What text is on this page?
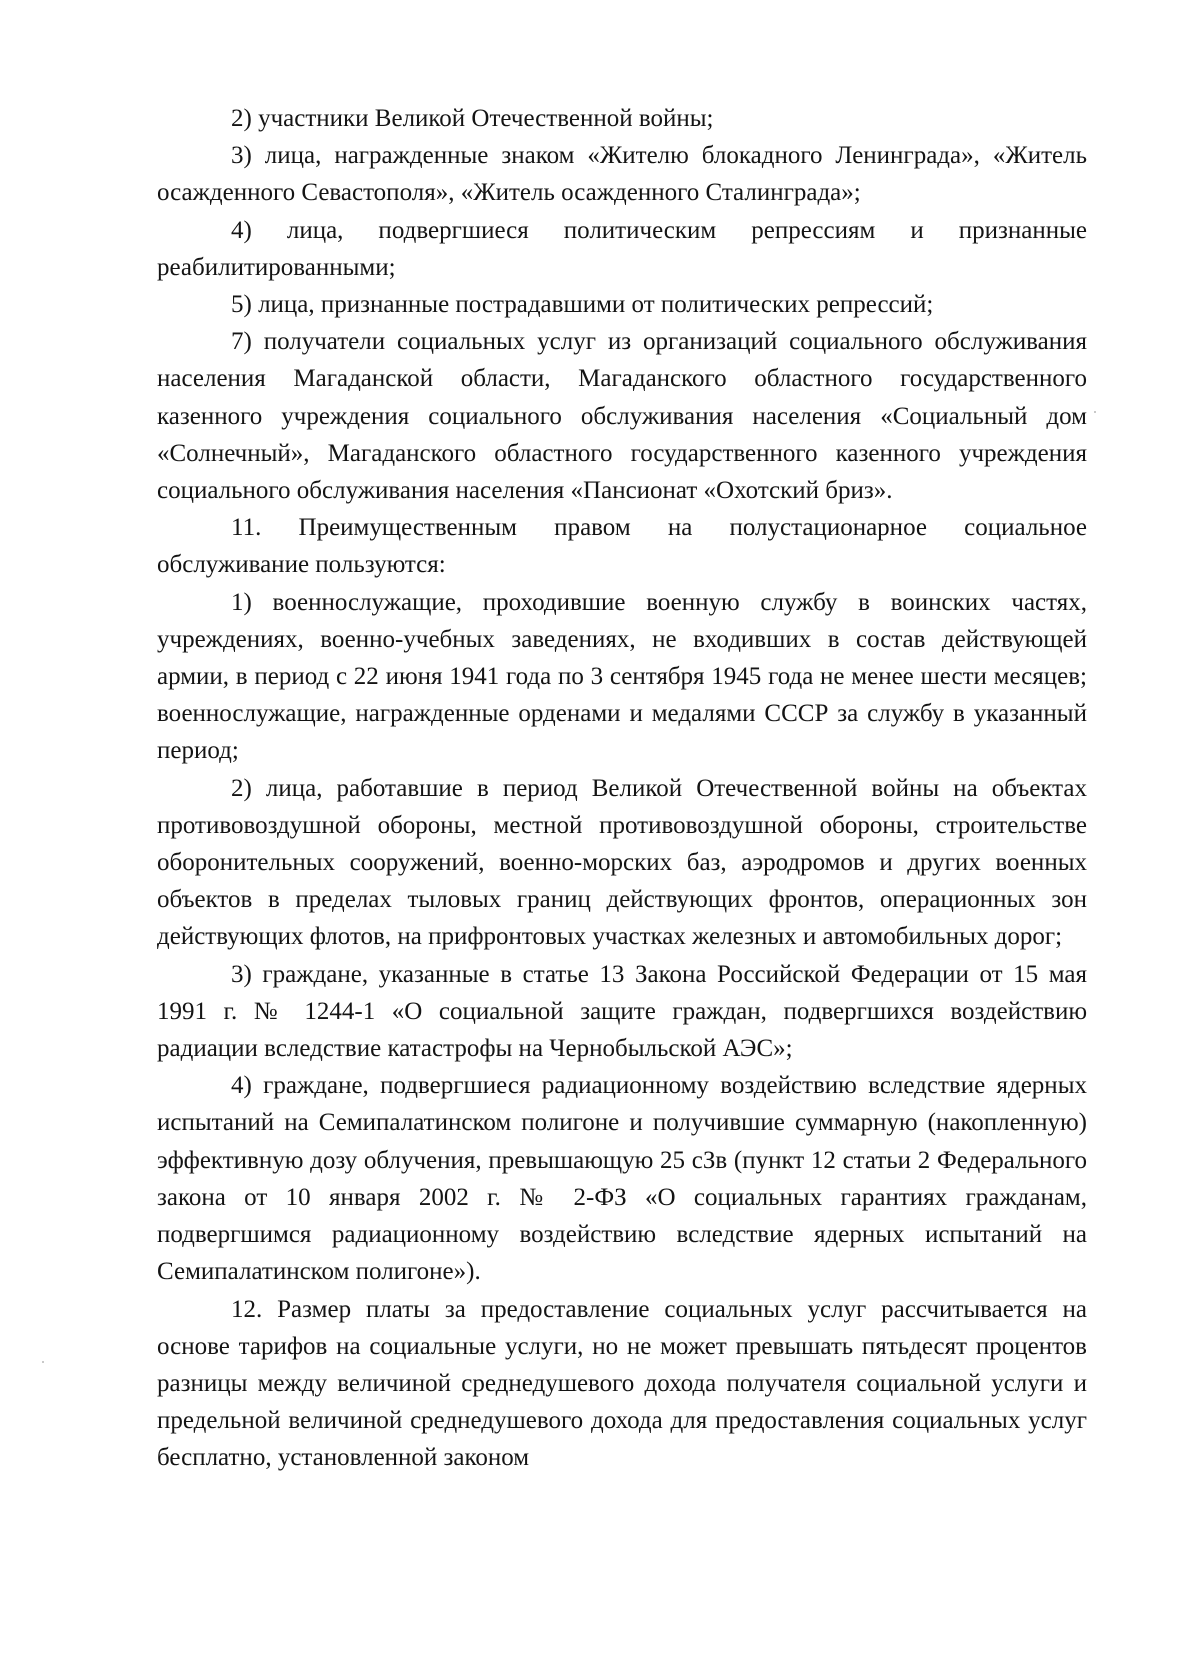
2) участники Великой Отечественной войны;

3) лица, награжденные знаком «Жителю блокадного Ленинграда», «Житель осажденного Севастополя», «Житель осажденного Сталинграда»;

4) лица, подвергшиеся политическим репрессиям и признанные реабилитированными;

5) лица, признанные пострадавшими от политических репрессий;

7) получатели социальных услуг из организаций социального обслуживания населения Магаданской области, Магаданского областного государственного казенного учреждения социального обслуживания населения «Социальный дом «Солнечный», Магаданского областного государственного казенного учреждения социального обслуживания населения «Пансионат «Охотский бриз».

11. Преимущественным правом на полустационарное социальное обслуживание пользуются:

1) военнослужащие, проходившие военную службу в воинских частях, учреждениях, военно-учебных заведениях, не входивших в состав действующей армии, в период с 22 июня 1941 года по 3 сентября 1945 года не менее шести месяцев; военнослужащие, награжденные орденами и медалями СССР за службу в указанный период;

2) лица, работавшие в период Великой Отечественной войны на объектах противовоздушной обороны, местной противовоздушной обороны, строительстве оборонительных сооружений, военно-морских баз, аэродромов и других военных объектов в пределах тыловых границ действующих фронтов, операционных зон действующих флотов, на прифронтовых участках железных и автомобильных дорог;

3) граждане, указанные в статье 13 Закона Российской Федерации от 15 мая 1991 г. № 1244-1 «О социальной защите граждан, подвергшихся воздействию радиации вследствие катастрофы на Чернобыльской АЭС»;

4) граждане, подвергшиеся радиационному воздействию вследствие ядерных испытаний на Семипалатинском полигоне и получившие суммарную (накопленную) эффективную дозу облучения, превышающую 25 сЗв (пункт 12 статьи 2 Федерального закона от 10 января 2002 г. № 2-ФЗ «О социальных гарантиях гражданам, подвергшимся радиационному воздействию вследствие ядерных испытаний на Семипалатинском полигоне»).

12. Размер платы за предоставление социальных услуг рассчитывается на основе тарифов на социальные услуги, но не может превышать пятьдесят процентов разницы между величиной среднедушевого дохода получателя социальной услуги и предельной величиной среднедушевого дохода для предоставления социальных услуг бесплатно, установленной законом
